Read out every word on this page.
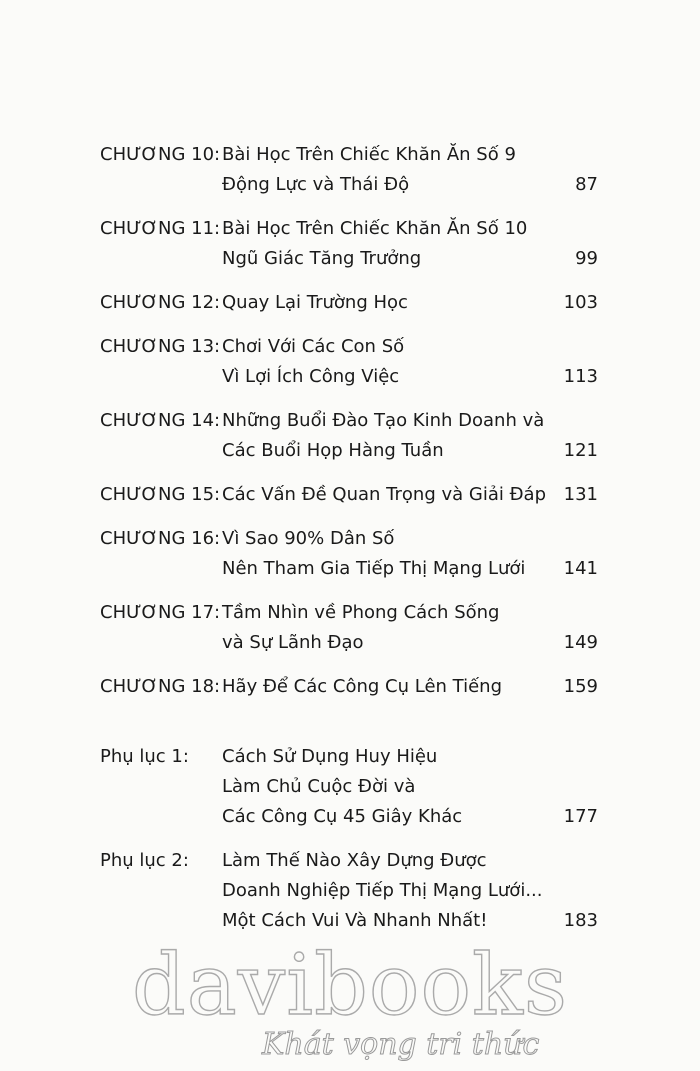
CHƯƠNG 10: Bài Học Trên Chiếc Khăn Ăn Số 9
Động Lực và Thái Độ	87
CHƯƠNG 11: Bài Học Trên Chiếc Khăn Ăn Số 10
Ngũ Giác Tăng Trưởng	99
CHƯƠNG 12: Quay Lại Trường Học	103
CHƯƠNG 13: Chơi Với Các Con Số
Vì Lợi Ích Công Việc	113
CHƯƠNG 14: Những Buổi Đào Tạo Kinh Doanh và
Các Buổi Họp Hàng Tuần	121
CHƯƠNG 15: Các Vấn Đề Quan Trọng và Giải Đáp 131
CHƯƠNG 16: Vì Sao 90% Dân Số
Nên Tham Gia Tiếp Thị Mạng Lưới	141
CHƯƠNG 17: Tầm Nhìn về Phong Cách Sống
và Sự Lãnh Đạo	149
CHƯƠNG 18: Hãy Để Các Công Cụ Lên Tiếng	159
Phụ lục 1: Cách Sử Dụng Huy Hiệu
Làm Chủ Cuộc Đời và
Các Công Cụ 45 Giây Khác	177
Phụ lục 2: Làm Thế Nào Xây Dựng Được
Doanh Nghiệp Tiếp Thị Mạng Lưới...
Một Cách Vui Và Nhanh Nhất!	183
davibooks
Khát vọng tri thức
